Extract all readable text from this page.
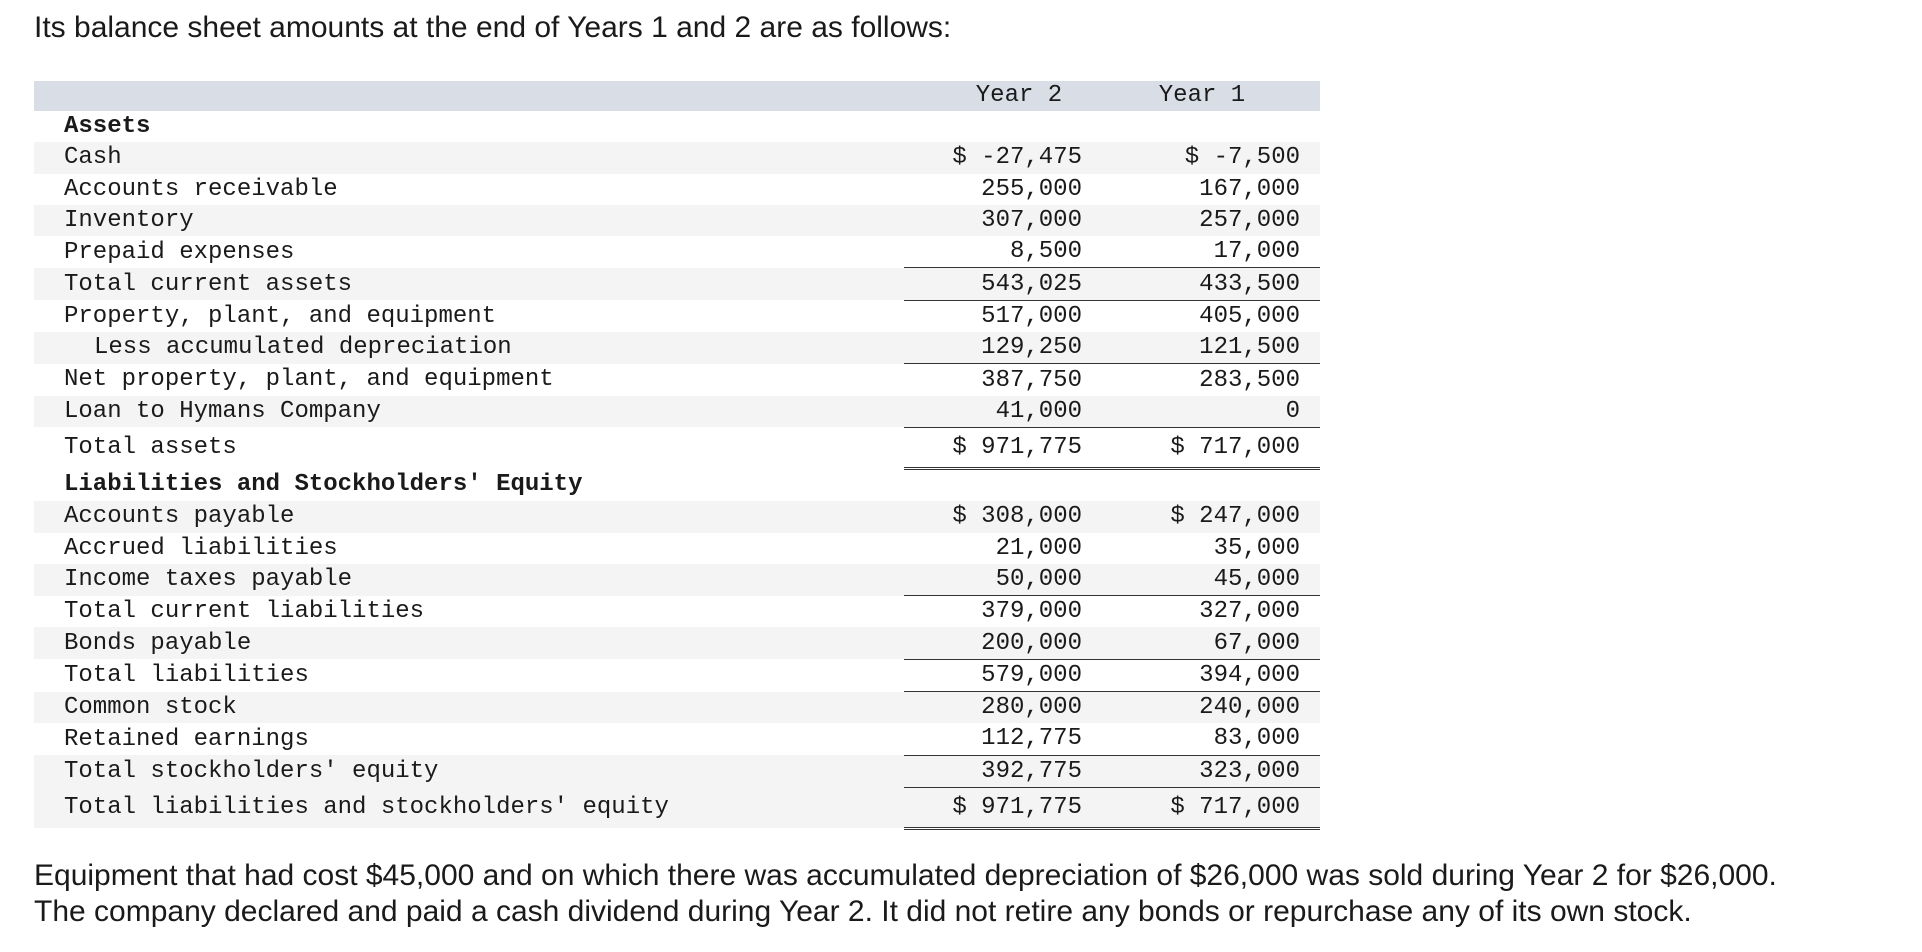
Its balance sheet amounts at the end of Years 1 and 2 are as follows:

	Year 2	Year 1
Assets		
Cash	$ -27,475	$ -7,500
Accounts receivable	255,000	167,000
Inventory	307,000	257,000
Prepaid expenses	8,500	17,000
Total current assets	543,025	433,500
Property, plant, and equipment	517,000	405,000
Less accumulated depreciation	129,250	121,500
Net property, plant, and equipment	387,750	283,500
Loan to Hymans Company	41,000	0
Total assets	$ 971,775	$ 717,000
Liabilities and Stockholders' Equity		
Accounts payable	$ 308,000	$ 247,000
Accrued liabilities	21,000	35,000
Income taxes payable	50,000	45,000
Total current liabilities	379,000	327,000
Bonds payable	200,000	67,000
Total liabilities	579,000	394,000
Common stock	280,000	240,000
Retained earnings	112,775	83,000
Total stockholders' equity	392,775	323,000
Total liabilities and stockholders' equity	$ 971,775	$ 717,000

Equipment that had cost $45,000 and on which there was accumulated depreciation of $26,000 was sold during Year 2 for $26,000.

The company declared and paid a cash dividend during Year 2. It did not retire any bonds or repurchase any of its own stock.
